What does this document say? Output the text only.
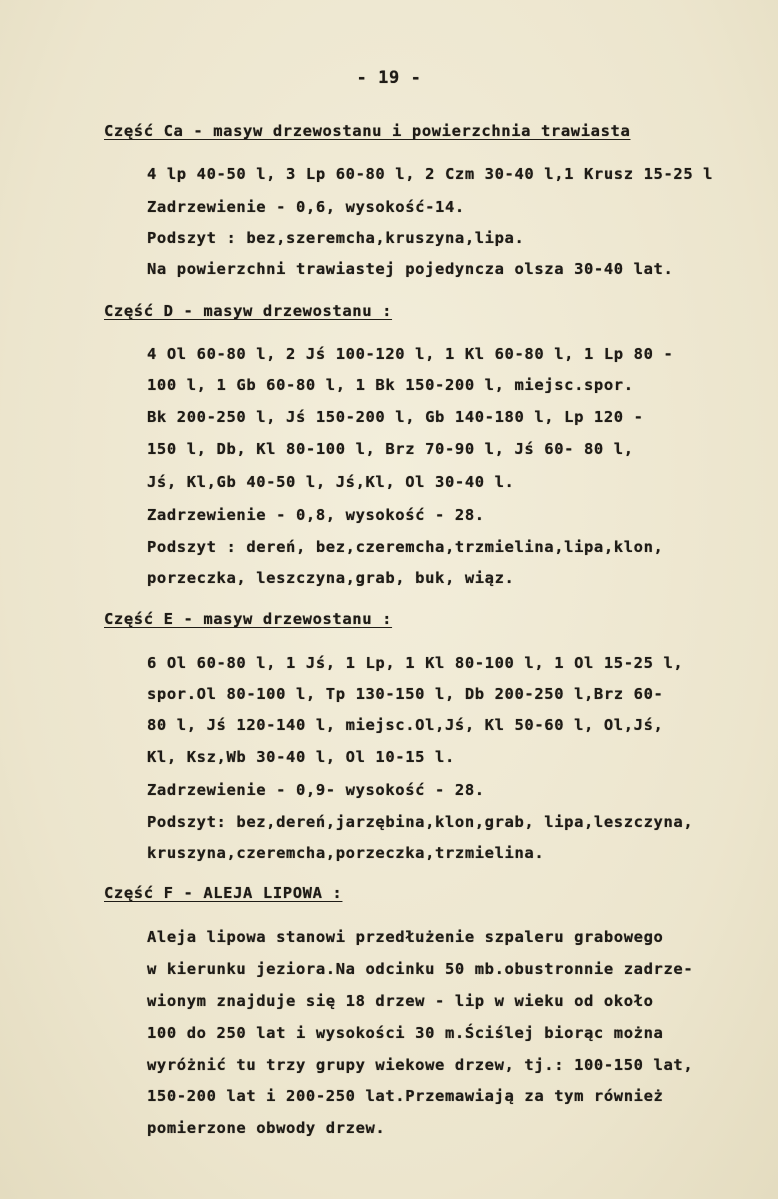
- 19 -
Część Ca - masyw drzewostanu i powierzchnia trawiasta
4 lp 40-50 l, 3 Lp 60-80 l, 2 Czm 30-40 l,1 Krusz 15-25 l
Zadrzewienie - 0,6, wysokość-14.
Podszyt : bez,szeremcha,kruszyna,lipa.
Na powierzchni trawiastej pojedyncza olsza 30-40 lat.
Część D - masyw drzewostanu :
4 Ol 60-80 l, 2 Jś 100-120 l, 1 Kl 60-80 l, 1 Lp 80 -
100 l, 1 Gb 60-80 l, 1 Bk 150-200 l, miejsc.spor.
Bk 200-250 l, Jś 150-200 l, Gb 140-180 l, Lp 120 -
150 l, Db, Kl 80-100 l, Brz 70-90 l, Jś 60- 80 l,
Jś, Kl,Gb 40-50 l, Jś,Kl, Ol 30-40 l.
Zadrzewienie - 0,8, wysokość - 28.
Podszyt : dereń, bez,czeremcha,trzmielina,lipa,klon,
porzeczka, leszczyna,grab, buk, wiąz.
Część E - masyw drzewostanu :
6 Ol 60-80 l, 1 Jś, 1 Lp, 1 Kl 80-100 l, 1 Ol 15-25 l,
spor.Ol 80-100 l, Tp 130-150 l, Db 200-250 l,Brz 60-
80 l, Jś 120-140 l, miejsc.Ol,Jś, Kl 50-60 l, Ol,Jś,
Kl, Ksz,Wb 30-40 l, Ol 10-15 l.
Zadrzewienie - 0,9- wysokość - 28.
Podszyt: bez,dereń,jarzębina,klon,grab, lipa,leszczyna,
kruszyna,czeremcha,porzeczka,trzmielina.
Część F - ALEJA LIPOWA :
Aleja lipowa stanowi przedłużenie szpaleru grabowego
w kierunku jeziora.Na odcinku 50 mb.obustronnie zadrze-
wionym znajduje się 18 drzew - lip w wieku od około
100 do 250 lat i wysokości 30 m.Ściślej biorąc można
wyróżnić tu trzy grupy wiekowe drzew, tj.: 100-150 lat,
150-200 lat i 200-250 lat.Przemawiają za tym również
pomierzone obwody drzew.
